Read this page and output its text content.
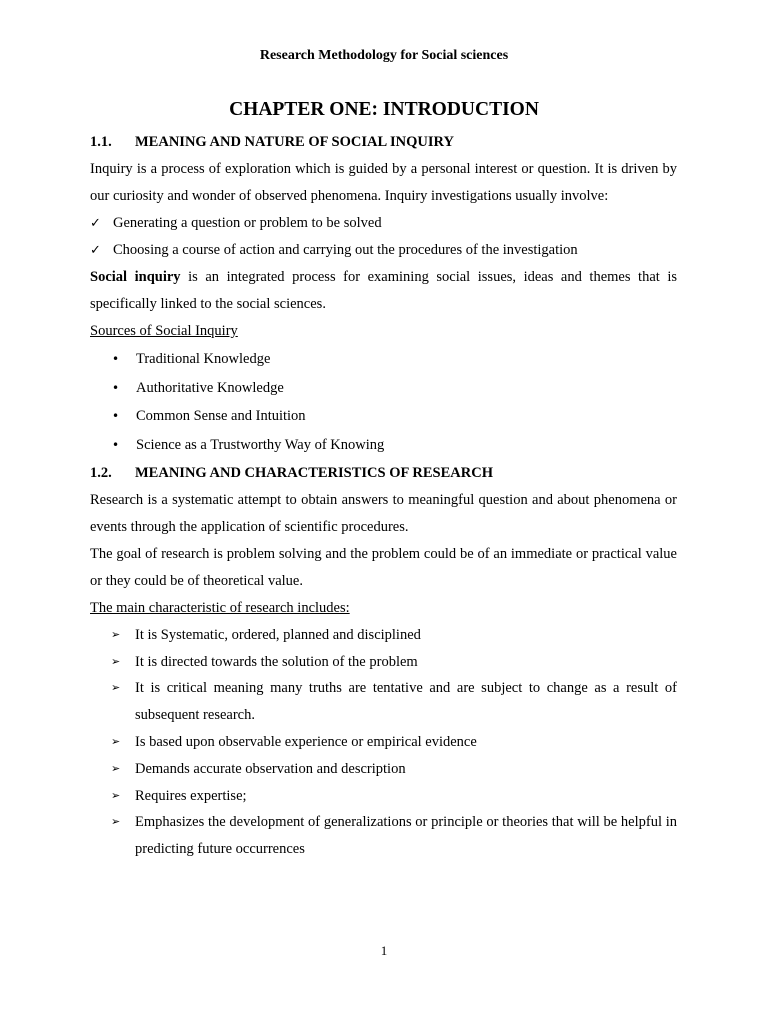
Research Methodology for Social sciences
CHAPTER ONE: INTRODUCTION
1.1. MEANING AND NATURE OF SOCIAL INQUIRY

Inquiry is a process of exploration which is guided by a personal interest or question. It is driven by our curiosity and wonder of observed phenomena. Inquiry investigations usually involve:

✓ Generating a question or problem to be solved
✓ Choosing a course of action and carrying out the procedures of the investigation

Social inquiry is an integrated process for examining social issues, ideas and themes that is specifically linked to the social sciences.

Sources of Social Inquiry
• Traditional Knowledge
• Authoritative Knowledge
• Common Sense and Intuition
• Science as a Trustworthy Way of Knowing
1.2. MEANING AND CHARACTERISTICS OF RESEARCH

Research is a systematic attempt to obtain answers to meaningful question and about phenomena or events through the application of scientific procedures.

The goal of research is problem solving and the problem could be of an immediate or practical value or they could be of theoretical value.

The main characteristic of research includes:
➢ It is Systematic, ordered, planned and disciplined
➢ It is directed towards the solution of the problem
➢ It is critical meaning many truths are tentative and are subject to change as a result of subsequent research.
➢ Is based upon observable experience or empirical evidence
➢ Demands accurate observation and description
➢ Requires expertise;
➢ Emphasizes the development of generalizations or principle or theories that will be helpful in predicting future occurrences
1
